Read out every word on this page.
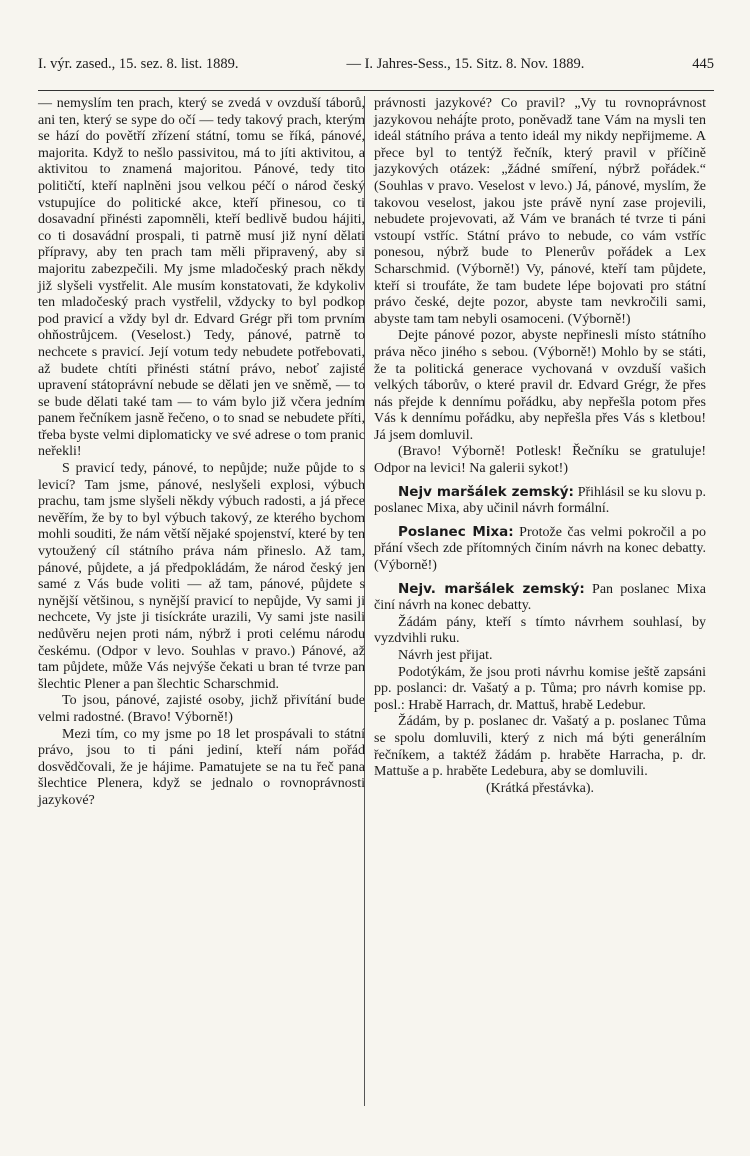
I. výr. zased., 15. sez. 8. list. 1889.	— I. Jahres-Sess., 15. Sitz. 8. Nov. 1889.	445

— nemyslím ten prach, který se zvedá v ovzduší táborů, ani ten, který se sype do očí — tedy takový prach, kterým se hází do povětří zřízení státní, tomu se říká, pánové, majorita. Když to nešlo passivitou, má to jíti aktivitou, a aktivitou to znamená majoritou. Pánové, tedy tito političtí, kteří naplněni jsou velkou péčí o národ český vstupujíce do politické akce, kteří přinesou, co ti dosavadní přinésti zapomněli, kteří bedlivě budou hájiti, co ti dosavádní prospali, ti patrně musí již nyní dělati přípravy, aby ten prach tam měli připravený, aby si majoritu zabezpečili. My jsme mladočeský prach někdy již slyšeli vystřelit. Ale musím konstatovati, že kdykoliv ten mladočeský prach vystřelil, vždycky to byl podkop pod pravicí a vždy byl dr. Edvard Grégr při tom prvním ohňostrůjcem. (Veselost.) Tedy, pánové, patrně to nechcete s pravicí. Její votum tedy nebudete potřebovati, až budete chtíti přinésti státní právo, neboť zajisté upravení státoprávní nebude se dělati jen ve sněmě, — to se bude dělati také tam — to vám bylo již včera jedním panem řečníkem jasně řečeno, o to snad se nebudete příti, třeba byste velmi diplomaticky ve své adrese o tom pranic neřekli!

S pravicí tedy, pánové, to nepůjde; nuže půjde to s levicí? Tam jsme, pánové, neslyšeli explosi, výbuch prachu, tam jsme slyšeli někdy výbuch radosti, a já přece nevěřím, že by to byl výbuch takový, ze kterého bychom mohli souditi, že nám větší nějaké spojenství, které by ten vytoužený cíl státního práva nám přineslo. Až tam, pánové, půjdete, a já předpokládám, že národ český jen samé z Vás bude voliti — až tam, pánové, půjdete s nynější většinou, s nynější pravicí to nepůjde, Vy sami ji nechcete, Vy jste ji tisíckráte urazili, Vy sami jste nasili nedůvěru nejen proti nám, nýbrž i proti celému národu českému. (Odpor v levo. Souhlas v pravo.) Pánové, až tam půjdete, může Vás nejvýše čekati u bran té tvrze pan šlechtic Plener a pan šlechtic Scharschmid.

To jsou, pánové, zajisté osoby, jichž přivítání bude velmi radostné. (Bravo! Výborně!)

Mezi tím, co my jsme po 18 let prospávali to státní právo, jsou to ti páni jediní, kteří nám pořád dosvědčovali, že je hájime. Pamatujete se na tu řeč pana šlechtice Plenera, když se jednalo o rovnoprávnosti jazykové?

právnosti jazykové? Co pravil? „Vy tu rovnoprávnost jazykovou neháj́te proto, poněvadž tane Vám na mysli ten ideál státního práva a tento ideál my nikdy nepřijmeme. A přece byl to tentýž řečník, který pravil v příčině jazykových otázek: „žádné smíření, nýbrž pořádek.“ (Souhlas v pravo. Veselost v levo.) Já, pánové, myslím, že takovou veselost, jakou jste právě nyní zase projevili, nebudete projevovati, až Vám ve branách té tvrze ti páni vstoupí vstříc. Státní právo to nebude, co vám vstříc ponesou, nýbrž bude to Plenerův pořádek a Lex Scharschmid. (Výborně!) Vy, pánové, kteří tam půjdete, kteří si troufáte, že tam budete lépe bojovati pro státní právo české, dejte pozor, abyste tam nevkročili sami, abyste tam tam nebyli osamoceni. (Výborně!)

Dejte pánové pozor, abyste nepřinesli místo státního práva něco jiného s sebou. (Výborně!) Mohlo by se státi, že ta politická generace vychovaná v ovzduší vašich velkých táborův, o které pravil dr. Edvard Grégr, že přes nás přejde k dennímu pořádku, aby nepřešla potom přes Vás k dennímu pořádku, aby nepřešla přes Vás s kletbou! Já jsem domluvil.

(Bravo! Výborně! Potlesk! Řečníku se gratuluje! Odpor na levici! Na galerii sykot!)

Nejv maršálek zemský: Přihlásil se ku slovu p. poslanec Mixa, aby učinil návrh formální.

Poslanec Mixa: Protože čas velmi pokročil a po přání všech zde přítomných činím návrh na konec debatty. (Výborně!)

Nejv. maršálek zemský: Pan poslanec Mixa činí návrh na konec debatty.

Žádám pány, kteří s tímto návrhem souhlasí, by vyzdvihli ruku.

Návrh jest přijat.

Podotýkám, že jsou proti návrhu komise ještě zapsáni pp. poslanci: dr. Vašatý a p. Tůma; pro návrh komise pp. posl.: Hrabě Harrach, dr. Mattuš, hrabě Ledebur.

Žádám, by p. poslanec dr. Vašatý a p. poslanec Tůma se spolu domluvili, který z nich má býti generálním řečníkem, a taktéž žádám p. hraběte Harracha, p. dr. Mattuše a p. hraběte Ledebura, aby se domluvili.

(Krátká přestávka).
